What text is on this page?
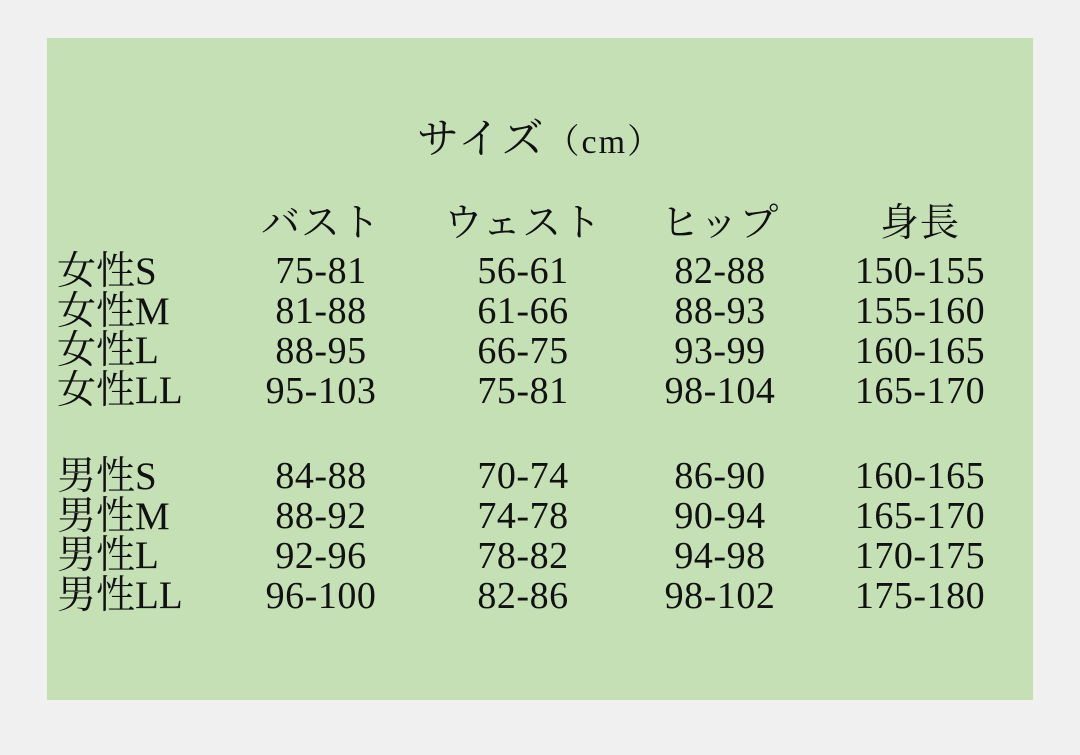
サイズ（cm）
	バスト	ウェスト	ヒップ	身長
女性S	75-81	56-61	82-88	150-155
女性M	81-88	61-66	88-93	155-160
女性L	88-95	66-75	93-99	160-165
女性LL	95-103	75-81	98-104	165-170

男性S	84-88	70-74	86-90	160-165
男性M	88-92	74-78	90-94	165-170
男性L	92-96	78-82	94-98	170-175
男性LL	96-100	82-86	98-102	175-180
